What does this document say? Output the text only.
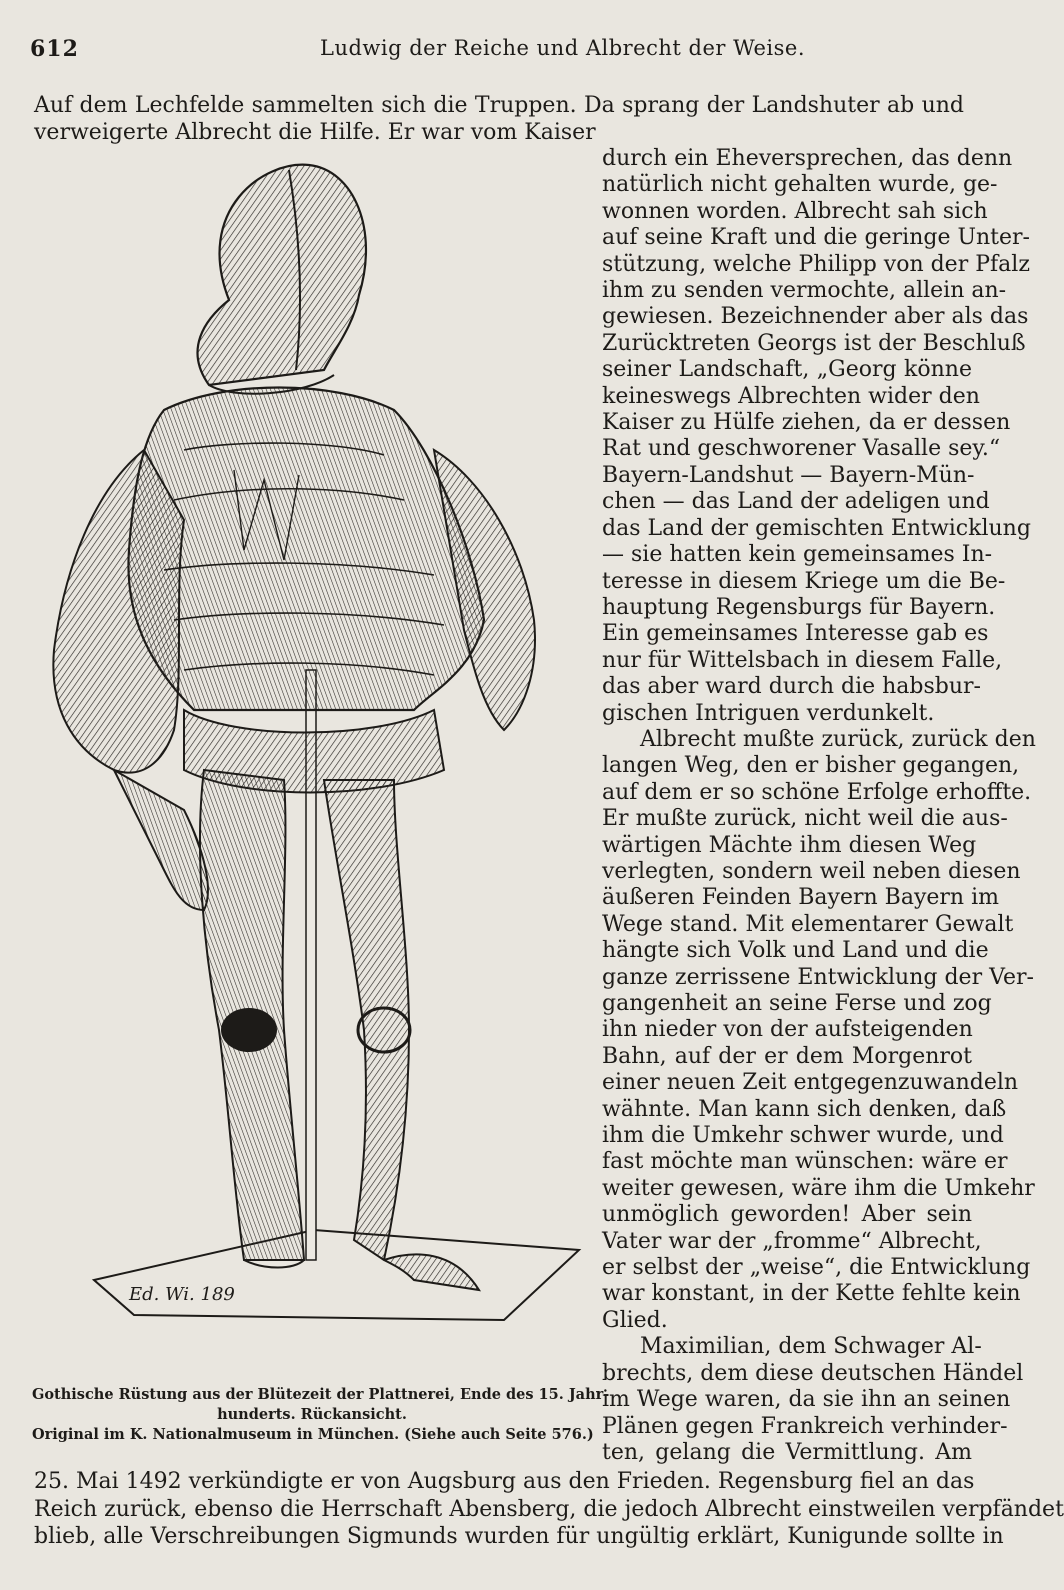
612	Ludwig der Reiche und Albrecht der Weise.
Auf dem Lechfelde sammelten sich die Truppen. Da sprang der Landshuter ab und
verweigerte Albrecht die Hilfe. Er war vom Kaiser
Ed. Wi. 189
Gothische Rüstung aus der Blütezeit der Plattnerei, Ende des 15. Jahr-
hunderts. Rückansicht.
Original im K. Nationalmuseum in München. (Siehe auch Seite 576.)
durch ein Eheversprechen, das denn
natürlich nicht gehalten wurde, ge-
wonnen worden. Albrecht sah sich
auf seine Kraft und die geringe Unter-
stützung, welche Philipp von der Pfalz
ihm zu senden vermochte, allein an-
gewiesen. Bezeichnender aber als das
Zurücktreten Georgs ist der Beschluß
seiner Landschaft, „Georg könne
keineswegs Albrechten wider den
Kaiser zu Hülfe ziehen, da er dessen
Rat und geschworener Vasalle sey.“
Bayern-Landshut — Bayern-Mün-
chen — das Land der adeligen und
das Land der gemischten Entwicklung
— sie hatten kein gemeinsames In-
teresse in diesem Kriege um die Be-
hauptung Regensburgs für Bayern.
Ein gemeinsames Interesse gab es
nur für Wittelsbach in diesem Falle,
das aber ward durch die habsbur-
gischen Intriguen verdunkelt.
Albrecht mußte zurück, zurück den
langen Weg, den er bisher gegangen,
auf dem er so schöne Erfolge erhoffte.
Er mußte zurück, nicht weil die aus-
wärtigen Mächte ihm diesen Weg
verlegten, sondern weil neben diesen
äußeren Feinden Bayern Bayern im
Wege stand. Mit elementarer Gewalt
hängte sich Volk und Land und die
ganze zerrissene Entwicklung der Ver-
gangenheit an seine Ferse und zog
ihn nieder von der aufsteigenden
Bahn, auf der er dem Morgenrot
einer neuen Zeit entgegenzuwandeln
wähnte. Man kann sich denken, daß
ihm die Umkehr schwer wurde, und
fast möchte man wünschen: wäre er
weiter gewesen, wäre ihm die Umkehr
unmöglich geworden! Aber sein
Vater war der „fromme“ Albrecht,
er selbst der „weise“, die Entwicklung
war konstant, in der Kette fehlte kein
Glied.
Maximilian, dem Schwager Al-
brechts, dem diese deutschen Händel
im Wege waren, da sie ihn an seinen
Plänen gegen Frankreich verhinder-
ten, gelang die Vermittlung. Am
25. Mai 1492 verkündigte er von Augsburg aus den Frieden. Regensburg fiel an das
Reich zurück, ebenso die Herrschaft Abensberg, die jedoch Albrecht einstweilen verpfändet
blieb, alle Verschreibungen Sigmunds wurden für ungültig erklärt, Kunigunde sollte in
